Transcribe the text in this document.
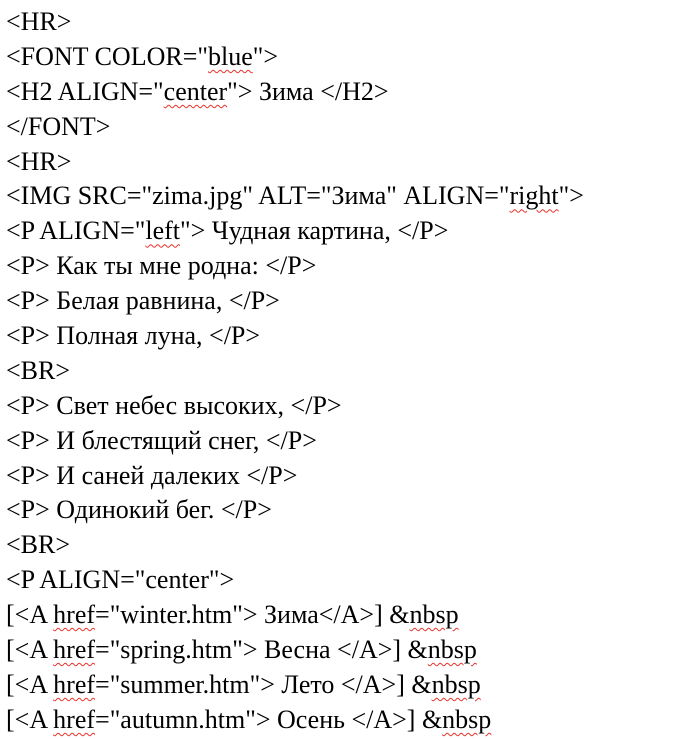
<HR>
<FONT COLOR="blue">
<H2 ALIGN="center"> Зима </H2>
</FONT>
<HR>
<IMG SRC="zima.jpg" ALT="Зима" ALIGN="right">
<P ALIGN="left"> Чудная картина, </P>
<P> Как ты мне родна: </P>
<P> Белая равнина, </P>
<P> Полная луна, </P>
<BR>
<P> Свет небес высоких, </P>
<P> И блестящий снег, </P>
<P> И саней далеких </P>
<P> Одинокий бег. </P>
<BR>
<P ALIGN="center">
[<A href="winter.htm"> Зима</A>] &nbsp
[<A href="spring.htm"> Весна </A>] &nbsp
[<A href="summer.htm"> Лето </A>] &nbsp
[<A href="autumn.htm"> Осень </A>] &nbsp
